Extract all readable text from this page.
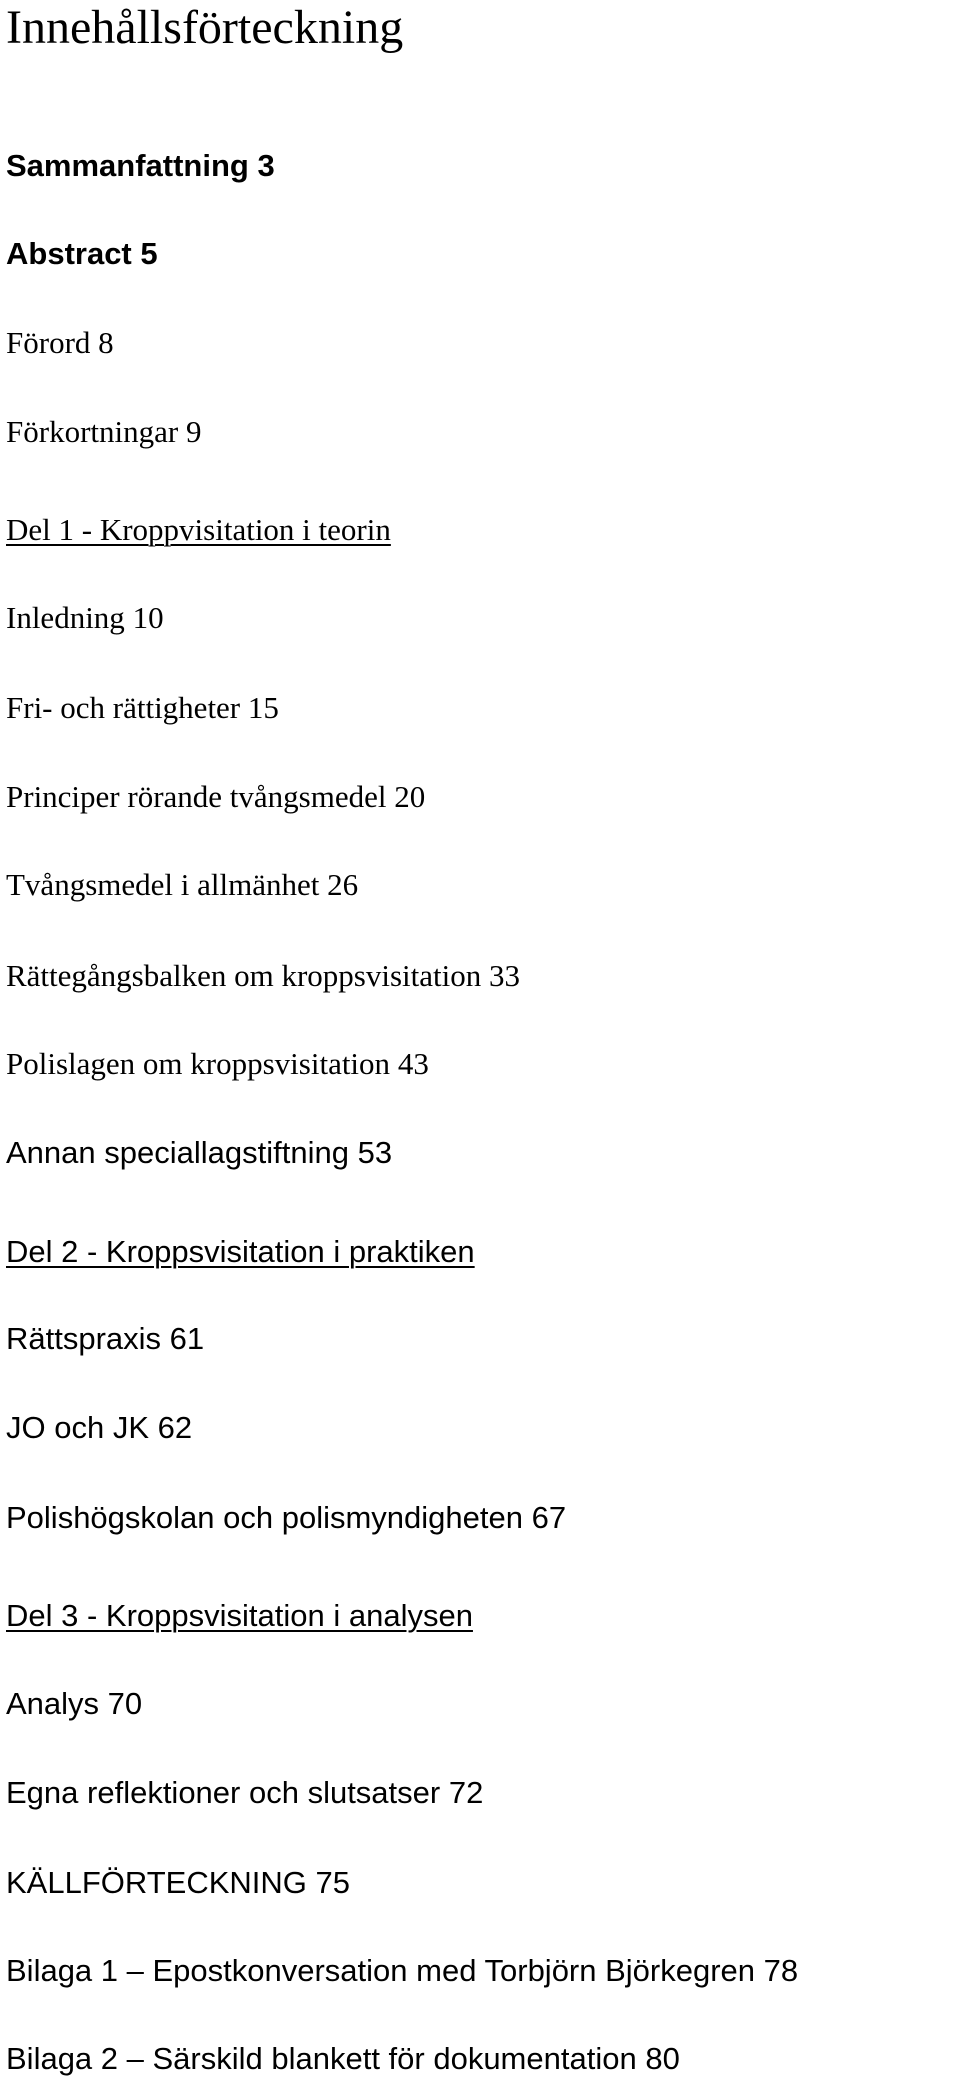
Innehållsförteckning
Sammanfattning 3
Abstract 5
Förord 8
Förkortningar 9
Del 1 - Kroppvisitation i teorin
Inledning 10
Fri- och rättigheter 15
Principer rörande tvångsmedel 20
Tvångsmedel i allmänhet 26
Rättegångsbalken om kroppsvisitation 33
Polislagen om kroppsvisitation 43
Annan speciallagstiftning 53
Del 2 - Kroppsvisitation i praktiken
Rättspraxis 61
JO och JK 62
Polishögskolan och polismyndigheten 67
Del 3 - Kroppsvisitation i analysen
Analys 70
Egna reflektioner och slutsatser 72
KÄLLFÖRTECKNING 75
Bilaga 1 – Epostkonversation med Torbjörn Björkegren 78
Bilaga 2 – Särskild blankett för dokumentation 80
